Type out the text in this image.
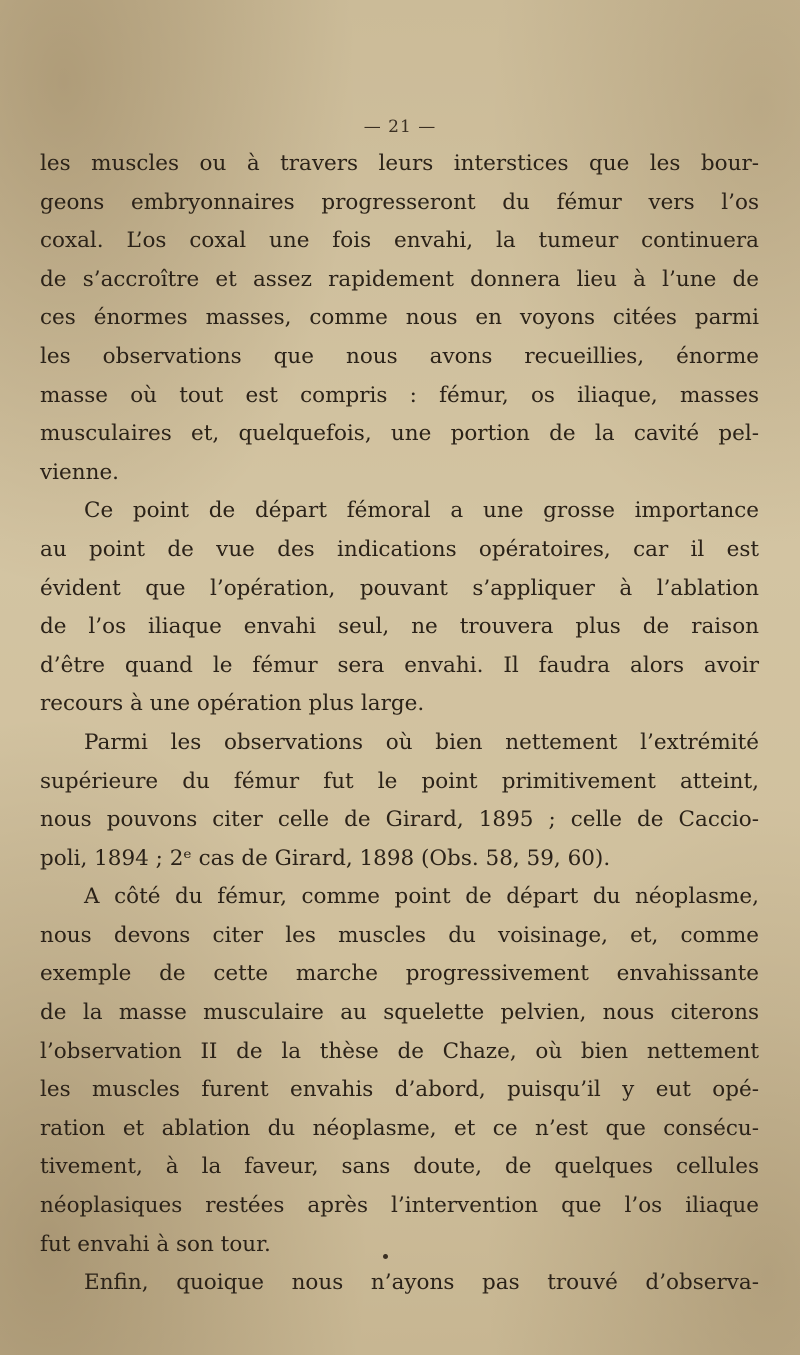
— 21 —
les muscles ou à travers leurs interstices que les bour-
geons embryonnaires progresseront du fémur vers l’os
coxal. L’os coxal une fois envahi, la tumeur continuera
de s’accroître et assez rapidement donnera lieu à l’une de
ces énormes masses, comme nous en voyons citées parmi
les observations que nous avons recueillies, énorme
masse où tout est compris : fémur, os iliaque, masses
musculaires et, quelquefois, une portion de la cavité pel-
vienne.
Ce point de départ fémoral a une grosse importance
au point de vue des indications opératoires, car il est
évident que l’opération, pouvant s’appliquer à l’ablation
de l’os iliaque envahi seul, ne trouvera plus de raison
d’être quand le fémur sera envahi. Il faudra alors avoir
recours à une opération plus large.
Parmi les observations où bien nettement l’extrémité
supérieure du fémur fut le point primitivement atteint,
nous pouvons citer celle de Girard, 1895 ; celle de Caccio-
poli, 1894 ; 2ᵉ cas de Girard, 1898 (Obs. 58, 59, 60).
A côté du fémur, comme point de départ du néoplasme,
nous devons citer les muscles du voisinage, et, comme
exemple de cette marche progressivement envahissante
de la masse musculaire au squelette pelvien, nous citerons
l’observation II de la thèse de Chaze, où bien nettement
les muscles furent envahis d’abord, puisqu’il y eut opé-
ration et ablation du néoplasme, et ce n’est que consécu-
tivement, à la faveur, sans doute, de quelques cellules
néoplasiques restées après l’intervention que l’os iliaque
fut envahi à son tour.
Enfin, quoique nous n’ayons pas trouvé d’observa-
